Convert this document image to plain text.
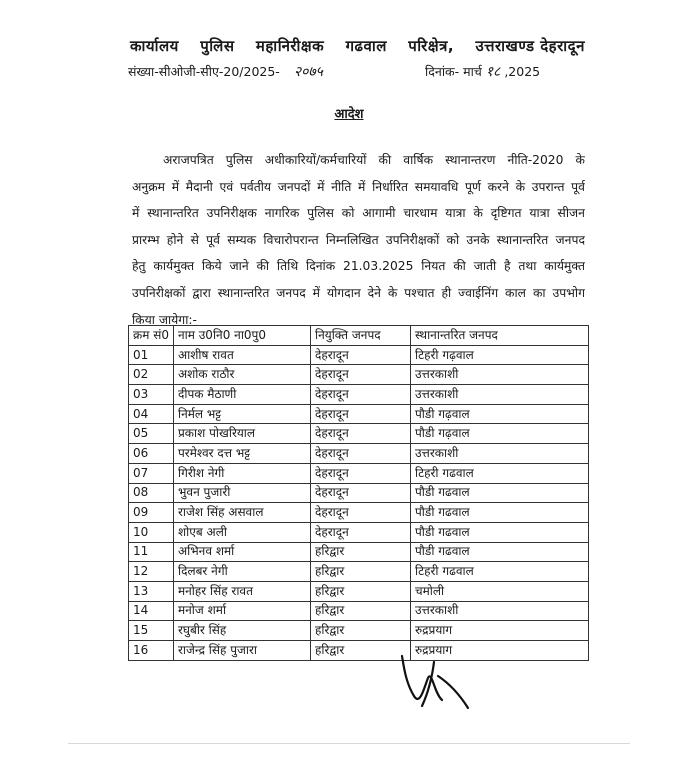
कार्यालय पुलिस महानिरीक्षक गढवाल परिक्षेत्र, उत्तराखण्ड देहरादून
संख्या-सीओजी-सीए-20/2025- २०७५	दिनांक- मार्च १८ ,2025
आदेश
अराजपत्रित पुलिस अधीकारियों/कर्मचारियों की वार्षिक स्थानान्तरण नीति-2020 के
अनुक्रम में मैदानी एवं पर्वतीय जनपदों में नीति में निर्धारित समयावधि पूर्ण करने के उपरान्त पूर्व
में स्थानान्तरित उपनिरीक्षक नागरिक पुलिस को आगामी चारधाम यात्रा के दृष्टिगत यात्रा सीजन
प्रारम्भ होने से पूर्व सम्यक विचारोपरान्त निम्नलिखित उपनिरीक्षकों को उनके स्थानान्तरित जनपद
हेतु कार्यमुक्त किये जाने की तिथि दिनांक 21.03.2025 नियत की जाती है तथा कार्यमुक्त
उपनिरीक्षकों द्वारा स्थानान्तरित जनपद में योगदान देने के पश्चात ही ज्वाईनिंग काल का उपभोग
किया जायेगा:-
क्रम सं0	नाम उ0नि0 ना0पु0	नियुक्ति जनपद	स्थानान्तरित जनपद
01	आशीष रावत	देहरादून	टिहरी गढ़वाल
02	अशोक राठौर	देहरादून	उत्तरकाशी
03	दीपक मैठाणी	देहरादून	उत्तरकाशी
04	निर्मल भट्ट	देहरादून	पौडी गढ़वाल
05	प्रकाश पोखरियाल	देहरादून	पौडी गढ़वाल
06	परमेश्वर दत्त भट्ट	देहरादून	उत्तरकाशी
07	गिरीश नेगी	देहरादून	टिहरी गढवाल
08	भुवन पुजारी	देहरादून	पौडी गढवाल
09	राजेश सिंह असवाल	देहरादून	पौडी गढवाल
10	शोएब अली	देहरादून	पौडी गढवाल
11	अभिनव शर्मा	हरिद्वार	पौडी गढवाल
12	दिलबर नेगी	हरिद्वार	टिहरी गढवाल
13	मनोहर सिंह रावत	हरिद्वार	चमोली
14	मनोज शर्मा	हरिद्वार	उत्तरकाशी
15	रघुबीर सिंह	हरिद्वार	रुद्रप्रयाग
16	राजेन्द्र सिंह पुजारा	हरिद्वार	रुद्रप्रयाग
